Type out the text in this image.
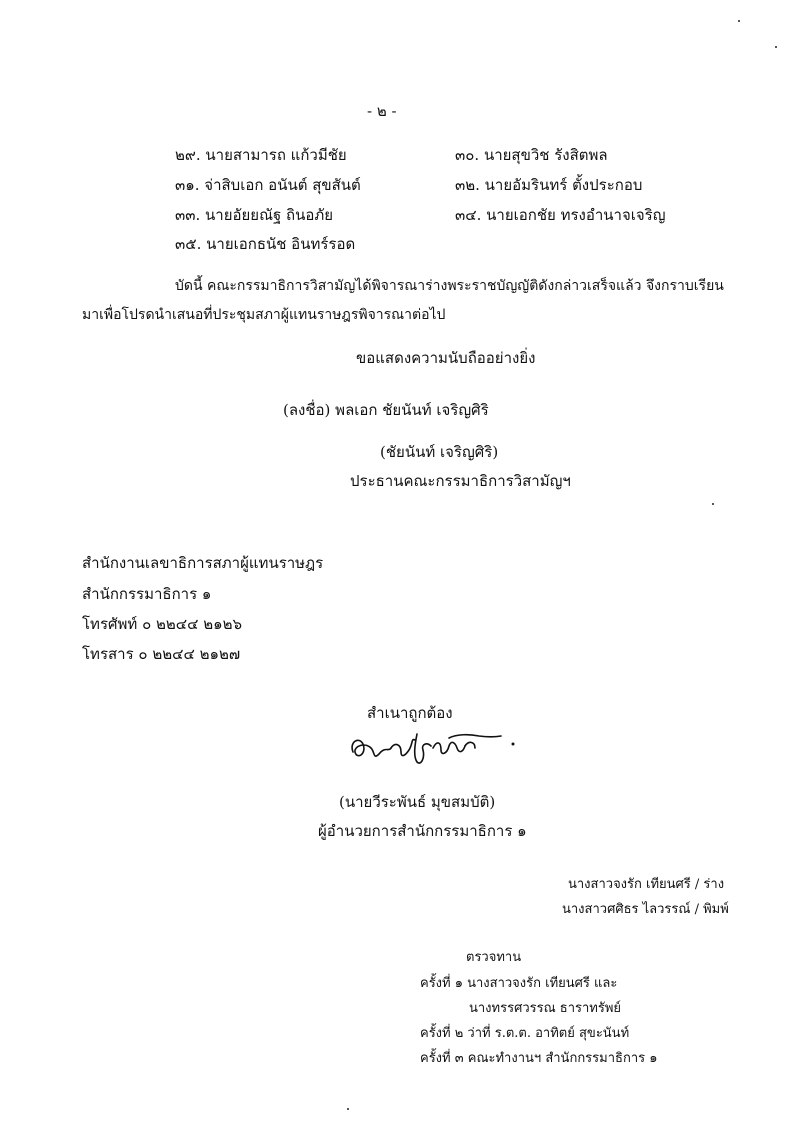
- ๒ -
๒๙. นายสามารถ แก้วมีชัย	๓๐. นายสุขวิช รังสิตพล
๓๑. จ่าสิบเอก อนันต์ สุขสันต์	๓๒. นายอัมรินทร์ ตั้งประกอบ
๓๓. นายอัยยณัฐ ถินอภัย	๓๔. นายเอกชัย ทรงอำนาจเจริญ
๓๕. นายเอกธนัช อินทร์รอด
บัดนี้ คณะกรรมาธิการวิสามัญได้พิจารณาร่างพระราชบัญญัติดังกล่าวเสร็จแล้ว จึงกราบเรียน
มาเพื่อโปรดนำเสนอที่ประชุมสภาผู้แทนราษฎรพิจารณาต่อไป
ขอแสดงความนับถืออย่างยิ่ง
(ลงชื่อ) พลเอก ชัยนันท์ เจริญศิริ
(ชัยนันท์ เจริญศิริ)
ประธานคณะกรรมาธิการวิสามัญฯ
สำนักงานเลขาธิการสภาผู้แทนราษฎร
สำนักกรรมาธิการ ๑
โทรศัพท์ ๐ ๒๒๔๔ ๒๑๒๖
โทรสาร ๐ ๒๒๔๔ ๒๑๒๗
สำเนาถูกต้อง
(นายวีระพันธ์ มุขสมบัติ)
ผู้อำนวยการสำนักกรรมาธิการ ๑
นางสาวจงรัก เทียนศรี / ร่าง
นางสาวศศิธร ไลวรรณ์ / พิมพ์
ตรวจทาน
ครั้งที่ ๑ นางสาวจงรัก เทียนศรี และ
นางทรรศวรรณ ธาราทรัพย์
ครั้งที่ ๒ ว่าที่ ร.ต.ต. อาทิตย์ สุขะนันท์
ครั้งที่ ๓ คณะทำงานฯ สำนักกรรมาธิการ ๑
